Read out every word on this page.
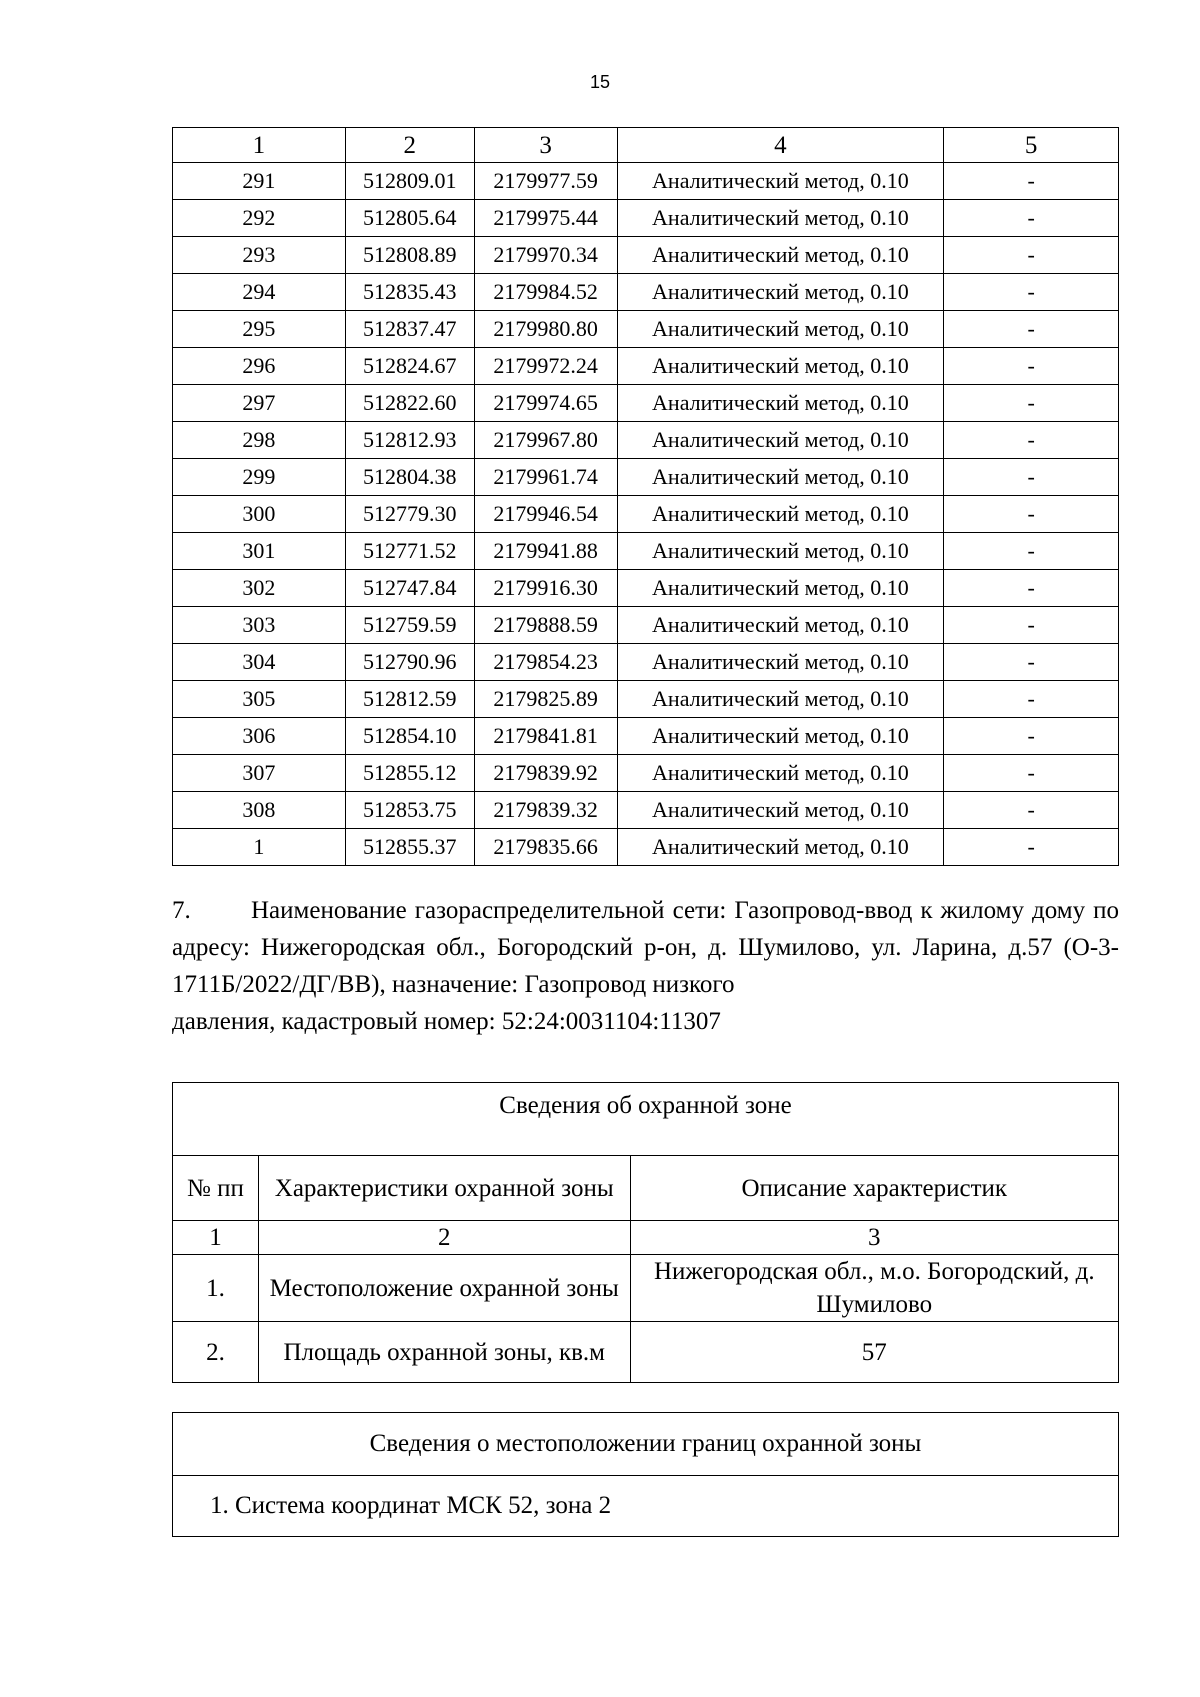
15
1	2	3	4	5
291	512809.01	2179977.59	Аналитический метод, 0.10	-
292	512805.64	2179975.44	Аналитический метод, 0.10	-
293	512808.89	2179970.34	Аналитический метод, 0.10	-
294	512835.43	2179984.52	Аналитический метод, 0.10	-
295	512837.47	2179980.80	Аналитический метод, 0.10	-
296	512824.67	2179972.24	Аналитический метод, 0.10	-
297	512822.60	2179974.65	Аналитический метод, 0.10	-
298	512812.93	2179967.80	Аналитический метод, 0.10	-
299	512804.38	2179961.74	Аналитический метод, 0.10	-
300	512779.30	2179946.54	Аналитический метод, 0.10	-
301	512771.52	2179941.88	Аналитический метод, 0.10	-
302	512747.84	2179916.30	Аналитический метод, 0.10	-
303	512759.59	2179888.59	Аналитический метод, 0.10	-
304	512790.96	2179854.23	Аналитический метод, 0.10	-
305	512812.59	2179825.89	Аналитический метод, 0.10	-
306	512854.10	2179841.81	Аналитический метод, 0.10	-
307	512855.12	2179839.92	Аналитический метод, 0.10	-
308	512853.75	2179839.32	Аналитический метод, 0.10	-
1	512855.37	2179835.66	Аналитический метод, 0.10	-

7. Наименование газораспределительной сети: Газопровод-ввод к жилому дому по адресу: Нижегородская обл., Богородский р-он, д. Шумилово, ул. Ларина, д.57 (О-3-1711Б/2022/ДГ/ВВ), назначение: Газопровод низкого
давления, кадастровый номер: 52:24:0031104:11307

Сведения об охранной зоне		
№ пп	Характеристики охранной зоны	Описание характеристик
1	2	3
1.	Местоположение охранной зоны	Нижегородская обл., м.о. Богородский, д. Шумилово
2.	Площадь охранной зоны, кв.м	57
Сведения о местоположении границ охранной зоны
1. Система координат МСК 52, зона 2
